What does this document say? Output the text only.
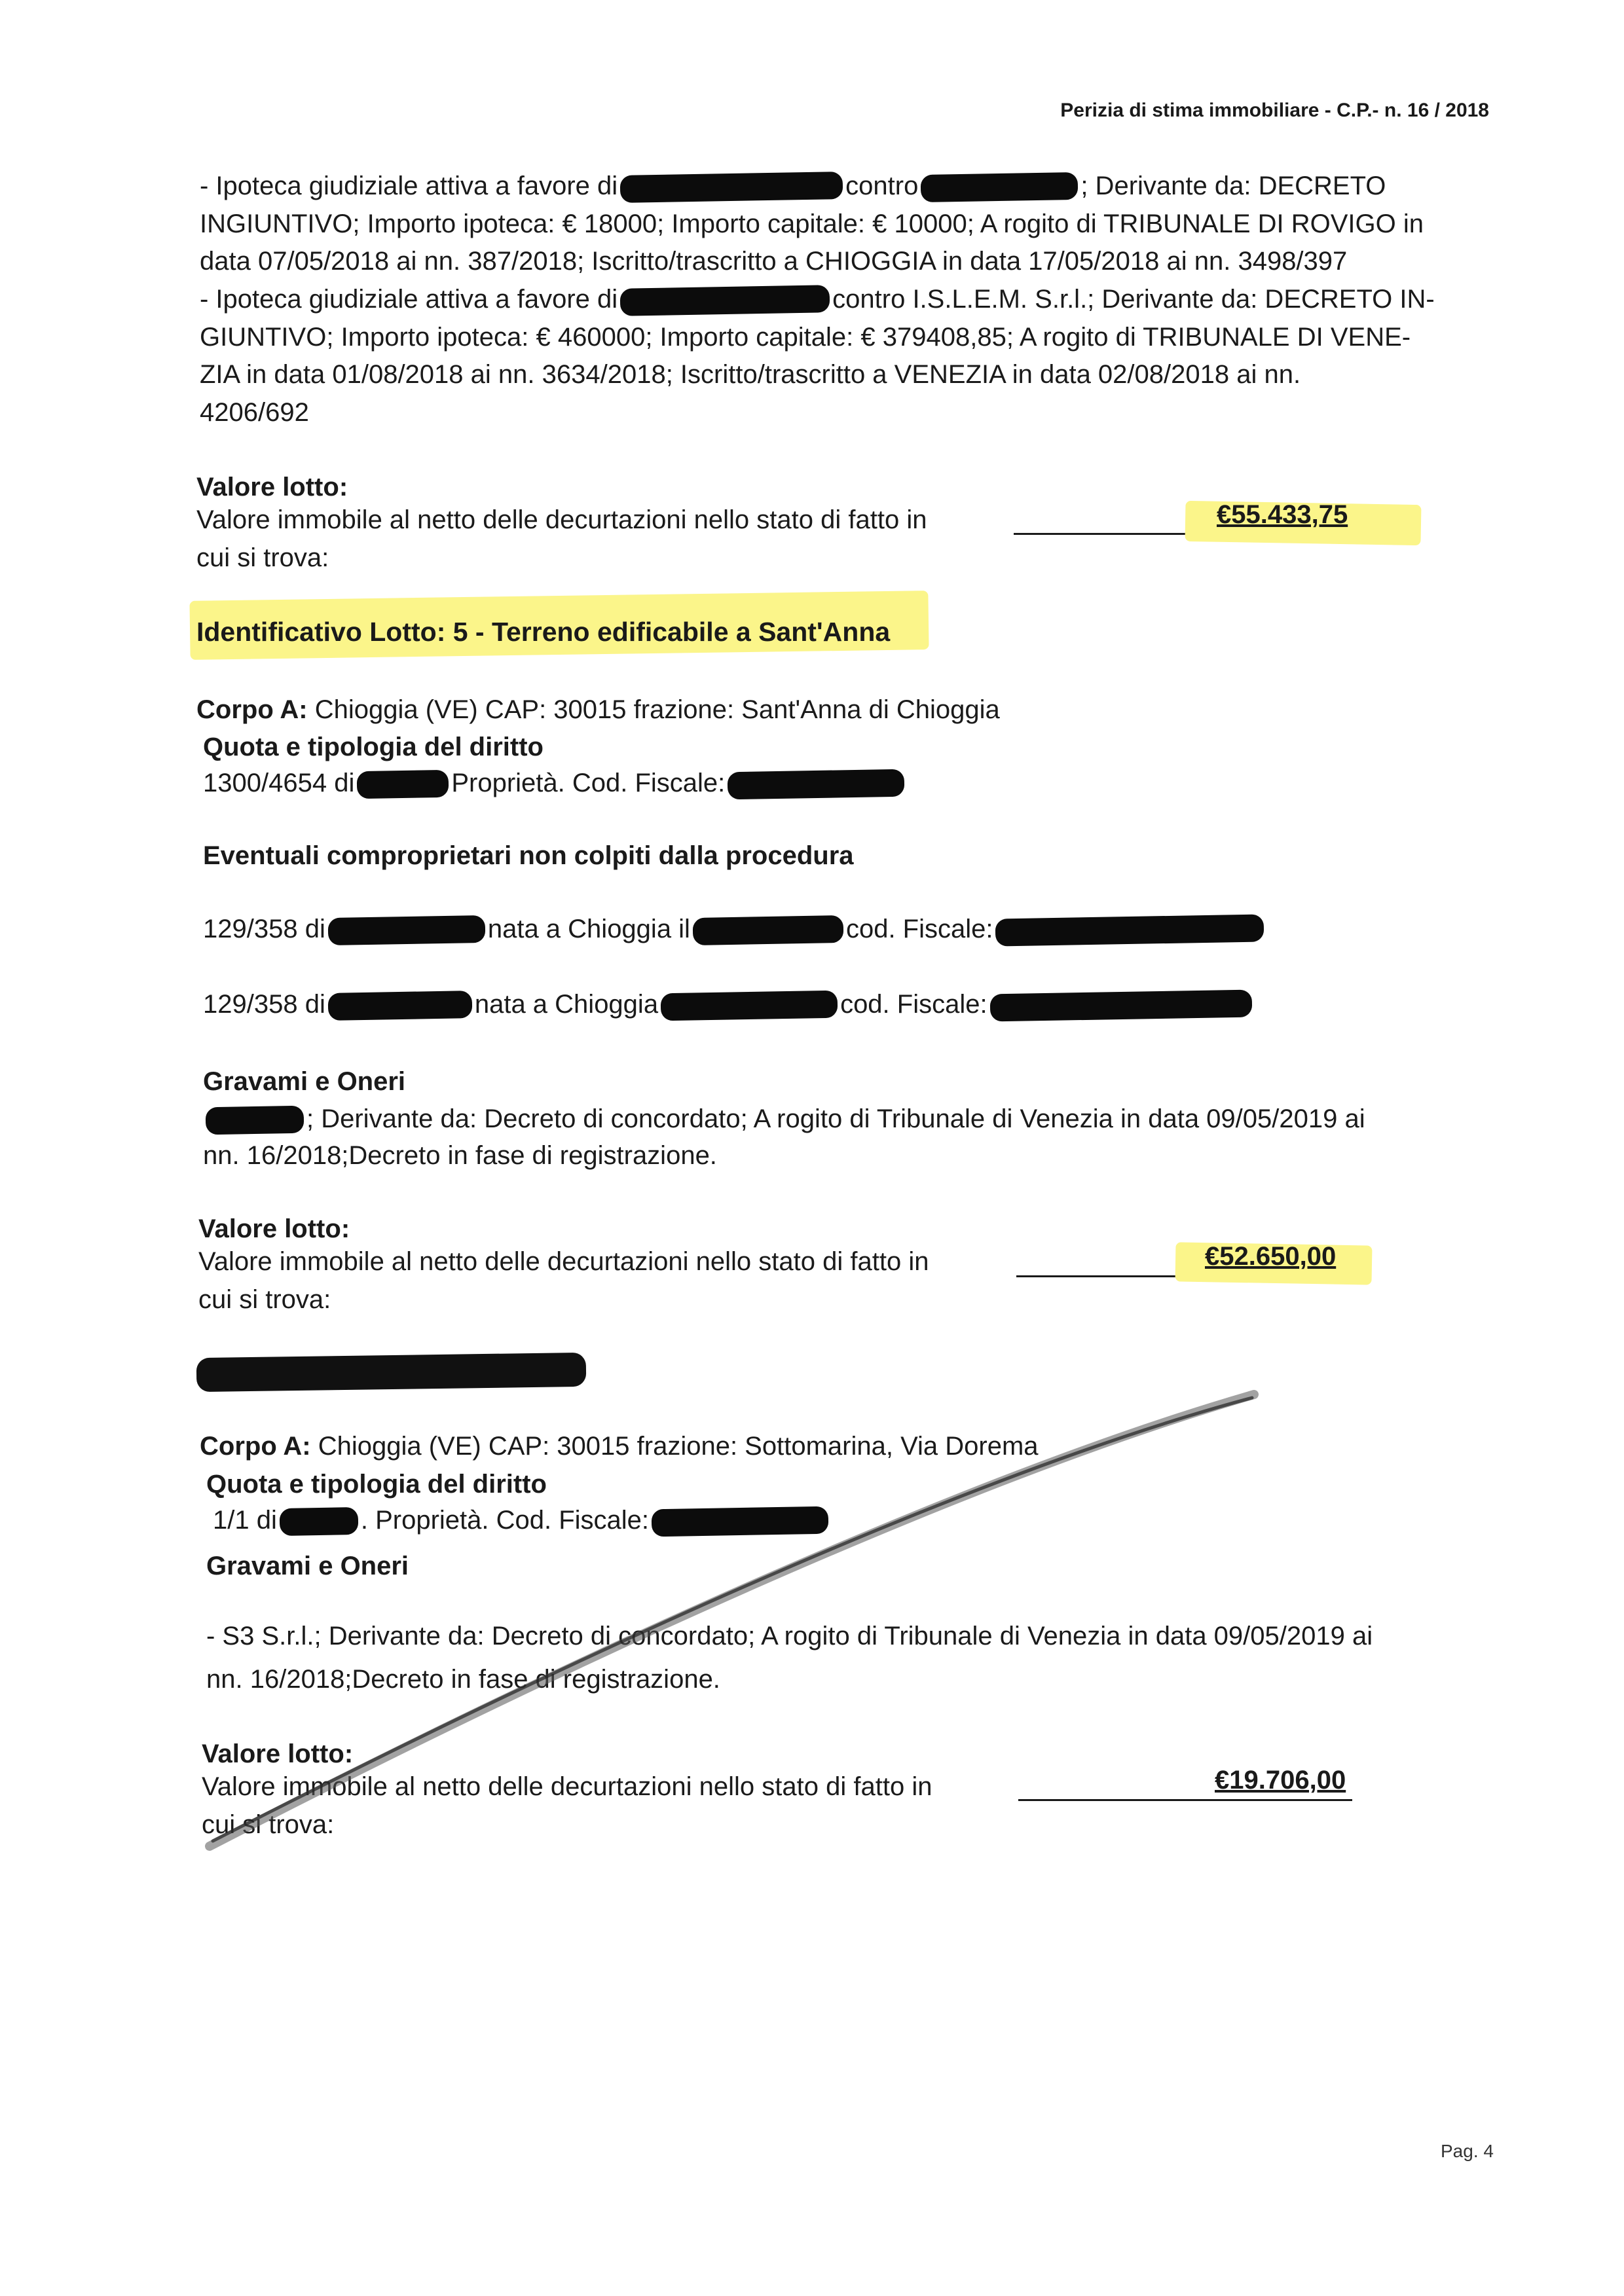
Perizia di stima immobiliare - C.P.- n. 16 / 2018
- Ipoteca giudiziale attiva a favore di	contro	; Derivante da: DECRETO
INGIUNTIVO; Importo ipoteca: € 18000; Importo capitale: € 10000; A rogito di TRIBUNALE DI ROVIGO in
data 07/05/2018 ai nn. 387/2018; Iscritto/trascritto a CHIOGGIA in data 17/05/2018 ai nn. 3498/397
- Ipoteca giudiziale attiva a favore di	contro I.S.L.E.M. S.r.l.; Derivante da: DECRETO IN-
GIUNTIVO; Importo ipoteca: € 460000; Importo capitale: € 379408,85; A rogito di TRIBUNALE DI VENE-
ZIA in data 01/08/2018 ai nn. 3634/2018; Iscritto/trascritto a VENEZIA in data 02/08/2018 ai nn.
4206/692
Valore lotto:
Valore immobile al netto delle decurtazioni nello stato di fatto in
cui si trova:
€55.433,75
Identificativo Lotto: 5 - Terreno edificabile a Sant'Anna
Corpo A: Chioggia (VE) CAP: 30015 frazione: Sant'Anna di Chioggia
Quota e tipologia del diritto
1300/4654 di	Proprietà. Cod. Fiscale:
Eventuali comproprietari non colpiti dalla procedura
129/358 di	nata a Chioggia il	cod. Fiscale:
129/358 di	nata a Chioggia	cod. Fiscale:
Gravami e Oneri
; Derivante da: Decreto di concordato; A rogito di Tribunale di Venezia in data 09/05/2019 ai
nn. 16/2018;Decreto in fase di registrazione.
Valore lotto:
Valore immobile al netto delle decurtazioni nello stato di fatto in
cui si trova:
€52.650,00
Corpo A: Chioggia (VE) CAP: 30015 frazione: Sottomarina, Via Dorema
Quota e tipologia del diritto
1/1 di	. Proprietà. Cod. Fiscale:
Gravami e Oneri
- S3 S.r.l.; Derivante da: Decreto di concordato; A rogito di Tribunale di Venezia in data 09/05/2019 ai
nn. 16/2018;Decreto in fase di registrazione.
Valore lotto:
Valore immobile al netto delle decurtazioni nello stato di fatto in
cui si trova:
€19.706,00
Pag. 4
